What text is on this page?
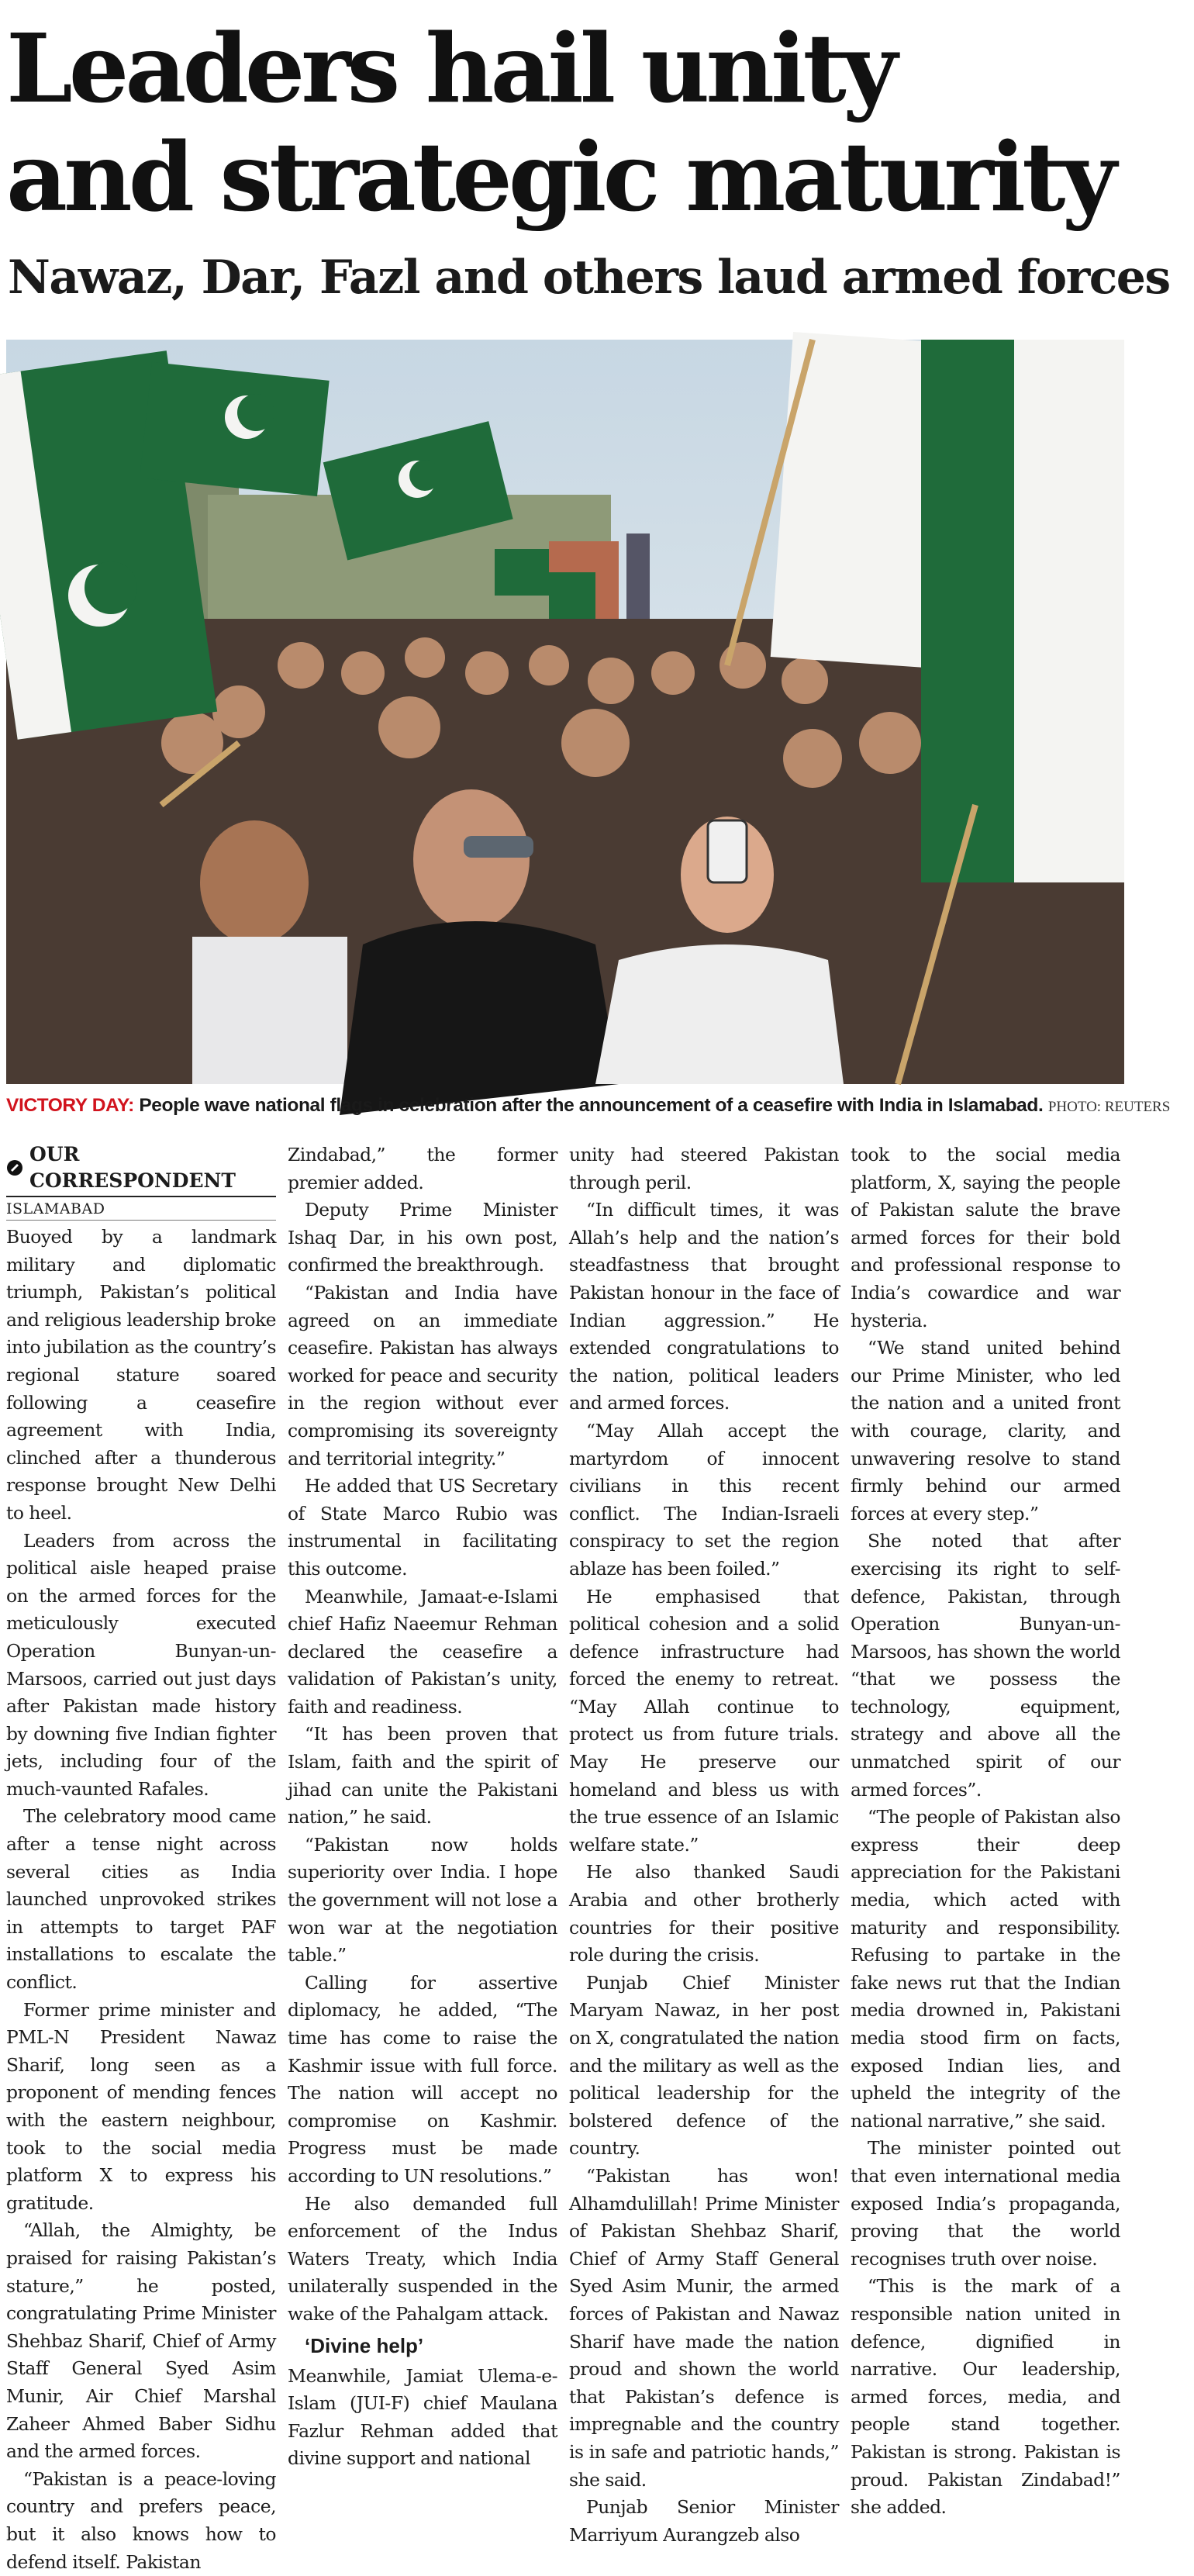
Leaders hail unity
and strategic maturity
Nawaz, Dar, Fazl and others laud armed forces
VICTORY DAY: People wave national flags in celebration after the announcement of a ceasefire with India in Islamabad. PHOTO: REUTERS
OUR CORRESPONDENT
ISLAMABAD

Buoyed by a landmark military and diplomatic triumph, Pakistan’s political and religious leadership broke into jubilation as the country’s regional stature soared following a ceasefire agreement with India, clinched after a thunderous response brought New Delhi to heel.

Leaders from across the political aisle heaped praise on the armed forces for the meticulously executed Operation Bunyan-un-Marsoos, carried out just days after Pakistan made history by downing five Indian fighter jets, including four of the much-vaunted Rafales.

The celebratory mood came after a tense night across several cities as India launched unprovoked strikes in attempts to target PAF installations to escalate the conflict.

Former prime minister and PML-N President Nawaz Sharif, long seen as a proponent of mending fences with the eastern neighbour, took to the social media platform X to express his gratitude.

“Allah, the Almighty, be praised for raising Pakistan’s stature,” he posted, congratulating Prime Minister Shehbaz Sharif, Chief of Army Staff General Syed Asim Munir, Air Chief Marshal Zaheer Ahmed Baber Sidhu and the armed forces.

“Pakistan is a peace-loving country and prefers peace, but it also knows how to defend itself. Pakistan

Zindabad,” the former premier added.

Deputy Prime Minister Ishaq Dar, in his own post, confirmed the breakthrough.

“Pakistan and India have agreed on an immediate ceasefire. Pakistan has always worked for peace and security in the region without ever compromising its sovereignty and territorial integrity.”

He added that US Secretary of State Marco Rubio was instrumental in facilitating this outcome.

Meanwhile, Jamaat-e-Islami chief Hafiz Naeemur Rehman declared the ceasefire a validation of Pakistan’s unity, faith and readiness.

“It has been proven that Islam, faith and the spirit of jihad can unite the Pakistani nation,” he said.

“Pakistan now holds superiority over India. I hope the government will not lose a won war at the negotiation table.”

Calling for assertive diplomacy, he added, “The time has come to raise the Kashmir issue with full force. The nation will accept no compromise on Kashmir. Progress must be made according to UN resolutions.”

He also demanded full enforcement of the Indus Waters Treaty, which India unilaterally suspended in the wake of the Pahalgam attack.

‘Divine help’

Meanwhile, Jamiat Ulema-e-Islam (JUI-F) chief Maulana Fazlur Rehman added that divine support and national

unity had steered Pakistan through peril.

“In difficult times, it was Allah’s help and the nation’s steadfastness that brought Pakistan honour in the face of Indian aggression.” He extended congratulations to the nation, political leaders and armed forces.

“May Allah accept the martyrdom of innocent civilians in this recent conflict. The Indian-Israeli conspiracy to set the region ablaze has been foiled.”

He emphasised that political cohesion and a solid defence infrastructure had forced the enemy to retreat. “May Allah continue to protect us from future trials. May He preserve our homeland and bless us with the true essence of an Islamic welfare state.”

He also thanked Saudi Arabia and other brotherly countries for their positive role during the crisis.

Punjab Chief Minister Maryam Nawaz, in her post on X, congratulated the nation and the military as well as the political leadership for the bolstered defence of the country.

“Pakistan has won! Alhamdulillah! Prime Minister of Pakistan Shehbaz Sharif, Chief of Army Staff General Syed Asim Munir, the armed forces of Pakistan and Nawaz Sharif have made the nation proud and shown the world that Pakistan’s defence is impregnable and the country is in safe and patriotic hands,” she said.

Punjab Senior Minister Marriyum Aurangzeb also

took to the social media platform, X, saying the people of Pakistan salute the brave armed forces for their bold and professional response to India’s cowardice and war hysteria.

“We stand united behind our Prime Minister, who led the nation and a united front with courage, clarity, and unwavering resolve to stand firmly behind our armed forces at every step.”

She noted that after exercising its right to self-defence, Pakistan, through Operation Bunyan-un-Marsoos, has shown the world “that we possess the technology, equipment, strategy and above all the unmatched spirit of our armed forces”.

“The people of Pakistan also express their deep appreciation for the Pakistani media, which acted with maturity and responsibility. Refusing to partake in the fake news rut that the Indian media drowned in, Pakistani media stood firm on facts, exposed Indian lies, and upheld the integrity of the national narrative,” she said.

The minister pointed out that even international media exposed India’s propaganda, proving that the world recognises truth over noise.

“This is the mark of a responsible nation united in defence, dignified in narrative. Our leadership, armed forces, media, and people stand together. Pakistan is strong. Pakistan is proud. Pakistan Zindabad!” she added.
